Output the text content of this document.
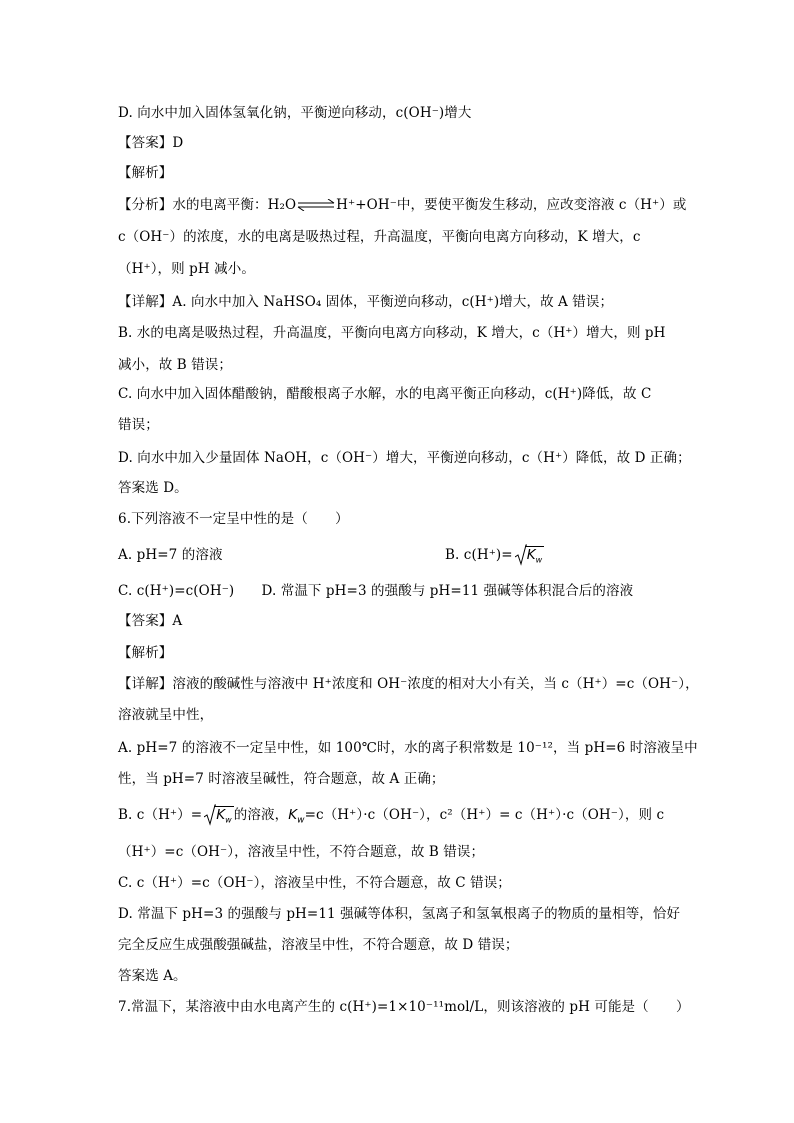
D. 向水中加入固体氢氧化钠，平衡逆向移动，c(OH⁻)增大
【答案】D
【解析】
【分析】水的电离平衡：H₂O⇌H⁺+OH⁻中，要使平衡发生移动，应改变溶液 c（H⁺）或
c（OH⁻）的浓度，水的电离是吸热过程，升高温度，平衡向电离方向移动，K 增大，c
（H⁺），则 pH 减小。
【详解】A. 向水中加入 NaHSO₄ 固体，平衡逆向移动，c(H⁺)增大，故 A 错误；
B. 水的电离是吸热过程，升高温度，平衡向电离方向移动，K 增大，c（H⁺）增大，则 pH
减小，故 B 错误；
C. 向水中加入固体醋酸钠，醋酸根离子水解，水的电离平衡正向移动，c(H⁺)降低，故 C
错误；
D. 向水中加入少量固体 NaOH，c（OH⁻）增大，平衡逆向移动，c（H⁺）降低，故 D 正确；
答案选 D。
6.下列溶液不一定呈中性的是（　　）
A. pH=7 的溶液	B. $c(H^+)= K_w$
C. c(H⁺)=c(OH⁻)　　D. 常温下 pH=3 的强酸与 pH=11 强碱等体积混合后的溶液
【答案】A
【解析】
【详解】溶液的酸碱性与溶液中 H⁺浓度和 OH⁻浓度的相对大小有关，当 c（H⁺）=c（OH⁻），
溶液就呈中性，
A. pH=7 的溶液不一定呈中性，如 100℃时，水的离子积常数是 10⁻¹²，当 pH=6 时溶液呈中
性，当 pH=7 时溶液呈碱性，符合题意，故 A 正确；
B. $c(H^+)= K_w$ 的溶液，$K_w=c(H^+)\cdot c(OH^-)$，c²（H⁺）= c（H⁺）·c（OH⁻），则 c
（H⁺）=c（OH⁻），溶液呈中性，不符合题意，故 B 错误；
C. c（H⁺）=c（OH⁻），溶液呈中性，不符合题意，故 C 错误；
D. 常温下 pH=3 的强酸与 pH=11 强碱等体积，氢离子和氢氧根离子的物质的量相等，恰好
完全反应生成强酸强碱盐，溶液呈中性，不符合题意，故 D 错误；
答案选 A。
7.常温下，某溶液中由水电离产生的 c(H⁺)=1×10⁻¹¹mol/L，则该溶液的 pH 可能是（　　）
